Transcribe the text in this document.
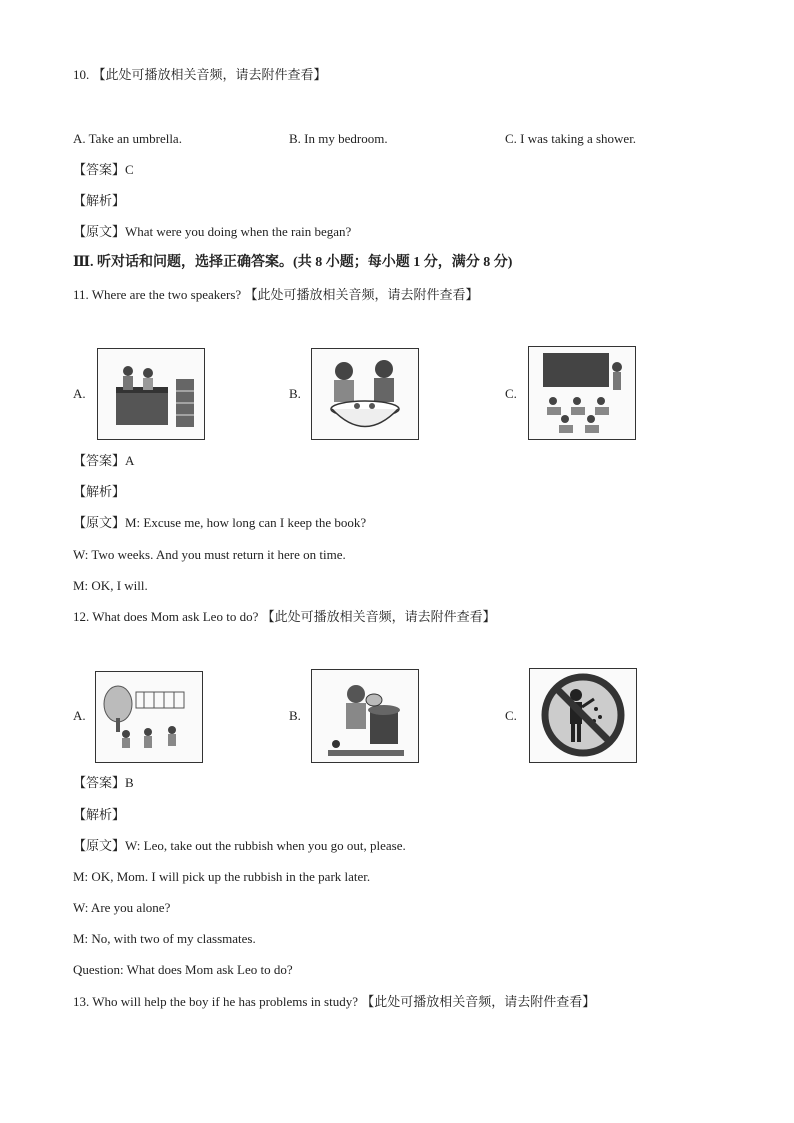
10. 【此处可播放相关音频，请去附件查看】
A. Take an umbrella.	B. In my bedroom.	C. I was taking a shower.
【答案】C
【解析】
【原文】What were you doing when the rain began?
Ⅲ. 听对话和问题，选择正确答案。(共 8 小题；每小题 1 分，满分 8 分)
11. Where are the two speakers? 【此处可播放相关音频，请去附件查看】
A.	B.	C.
【答案】A
【解析】
【原文】M: Excuse me, how long can I keep the book?
W: Two weeks. And you must return it here on time.
M: OK, I will.
12. What does Mom ask Leo to do? 【此处可播放相关音频，请去附件查看】
A.	B.	C.
【答案】B
【解析】
【原文】W: Leo, take out the rubbish when you go out, please.
M: OK, Mom. I will pick up the rubbish in the park later.
W: Are you alone?
M: No, with two of my classmates.
Question: What does Mom ask Leo to do?
13. Who will help the boy if he has problems in study? 【此处可播放相关音频，请去附件查看】
